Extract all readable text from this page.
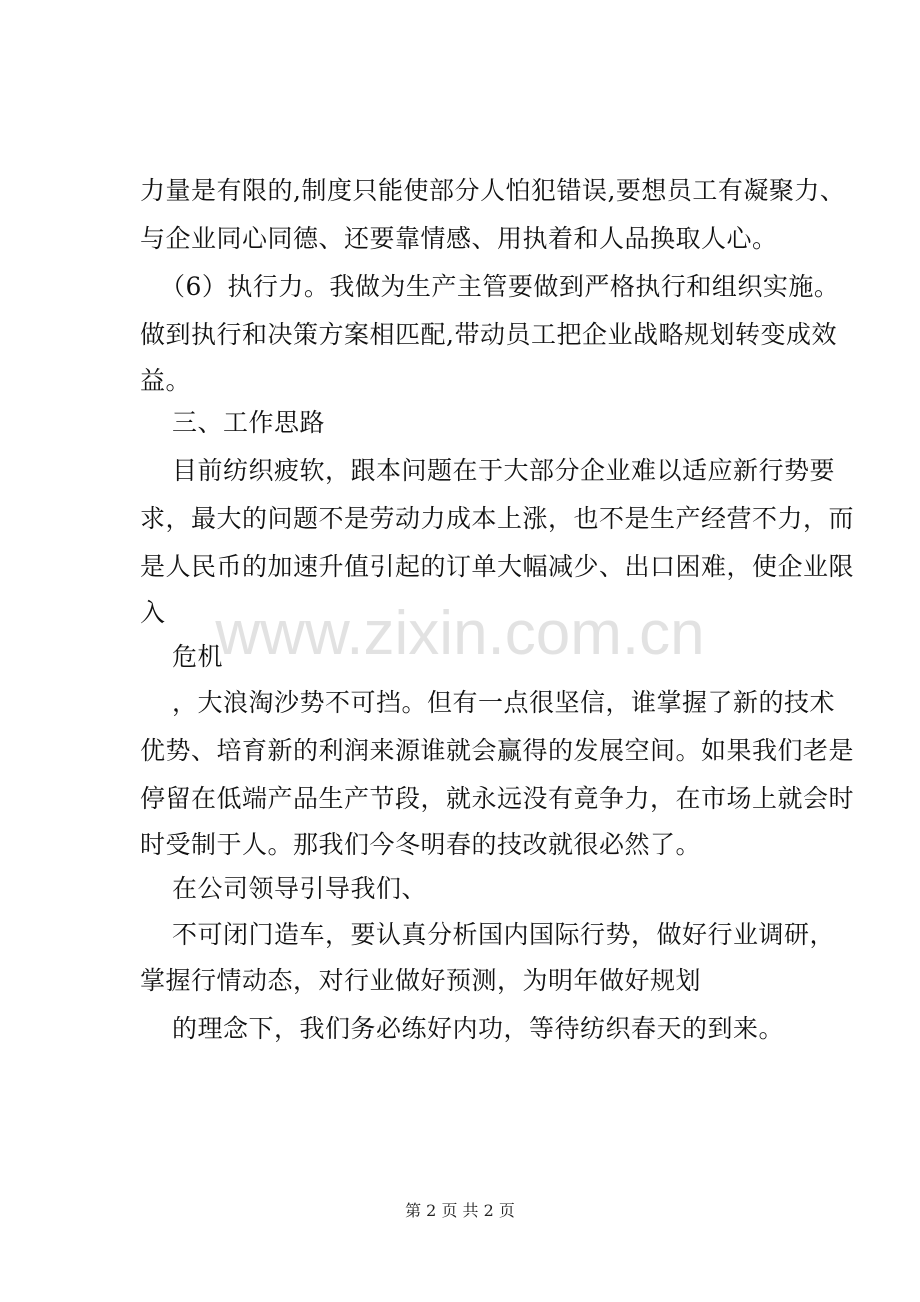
力量是有限的,制度只能使部分人怕犯错误,要想员工有凝聚力、
与企业同心同德、还要靠情感、用执着和人品换取人心。
（6）执行力。我做为生产主管要做到严格执行和组织实施。
做到执行和决策方案相匹配,带动员工把企业战略规划转变成效
益。
三、工作思路
目前纺织疲软，跟本问题在于大部分企业难以适应新行势要
求，最大的问题不是劳动力成本上涨，也不是生产经营不力，而
是人民币的加速升值引起的订单大幅减少、出口困难，使企业限
入
危机
，大浪淘沙势不可挡。但有一点很坚信，谁掌握了新的技术
优势、培育新的利润来源谁就会赢得的发展空间。如果我们老是
停留在低端产品生产节段，就永远没有竟争力，在市场上就会时
时受制于人。那我们今冬明春的技改就很必然了。
在公司领导引导我们、
不可闭门造车，要认真分析国内国际行势，做好行业调研，
掌握行情动态，对行业做好预测，为明年做好规划
的理念下，我们务必练好内功，等待纺织春天的到来。
www.zixin.com.cn
第 2 页 共 2 页
